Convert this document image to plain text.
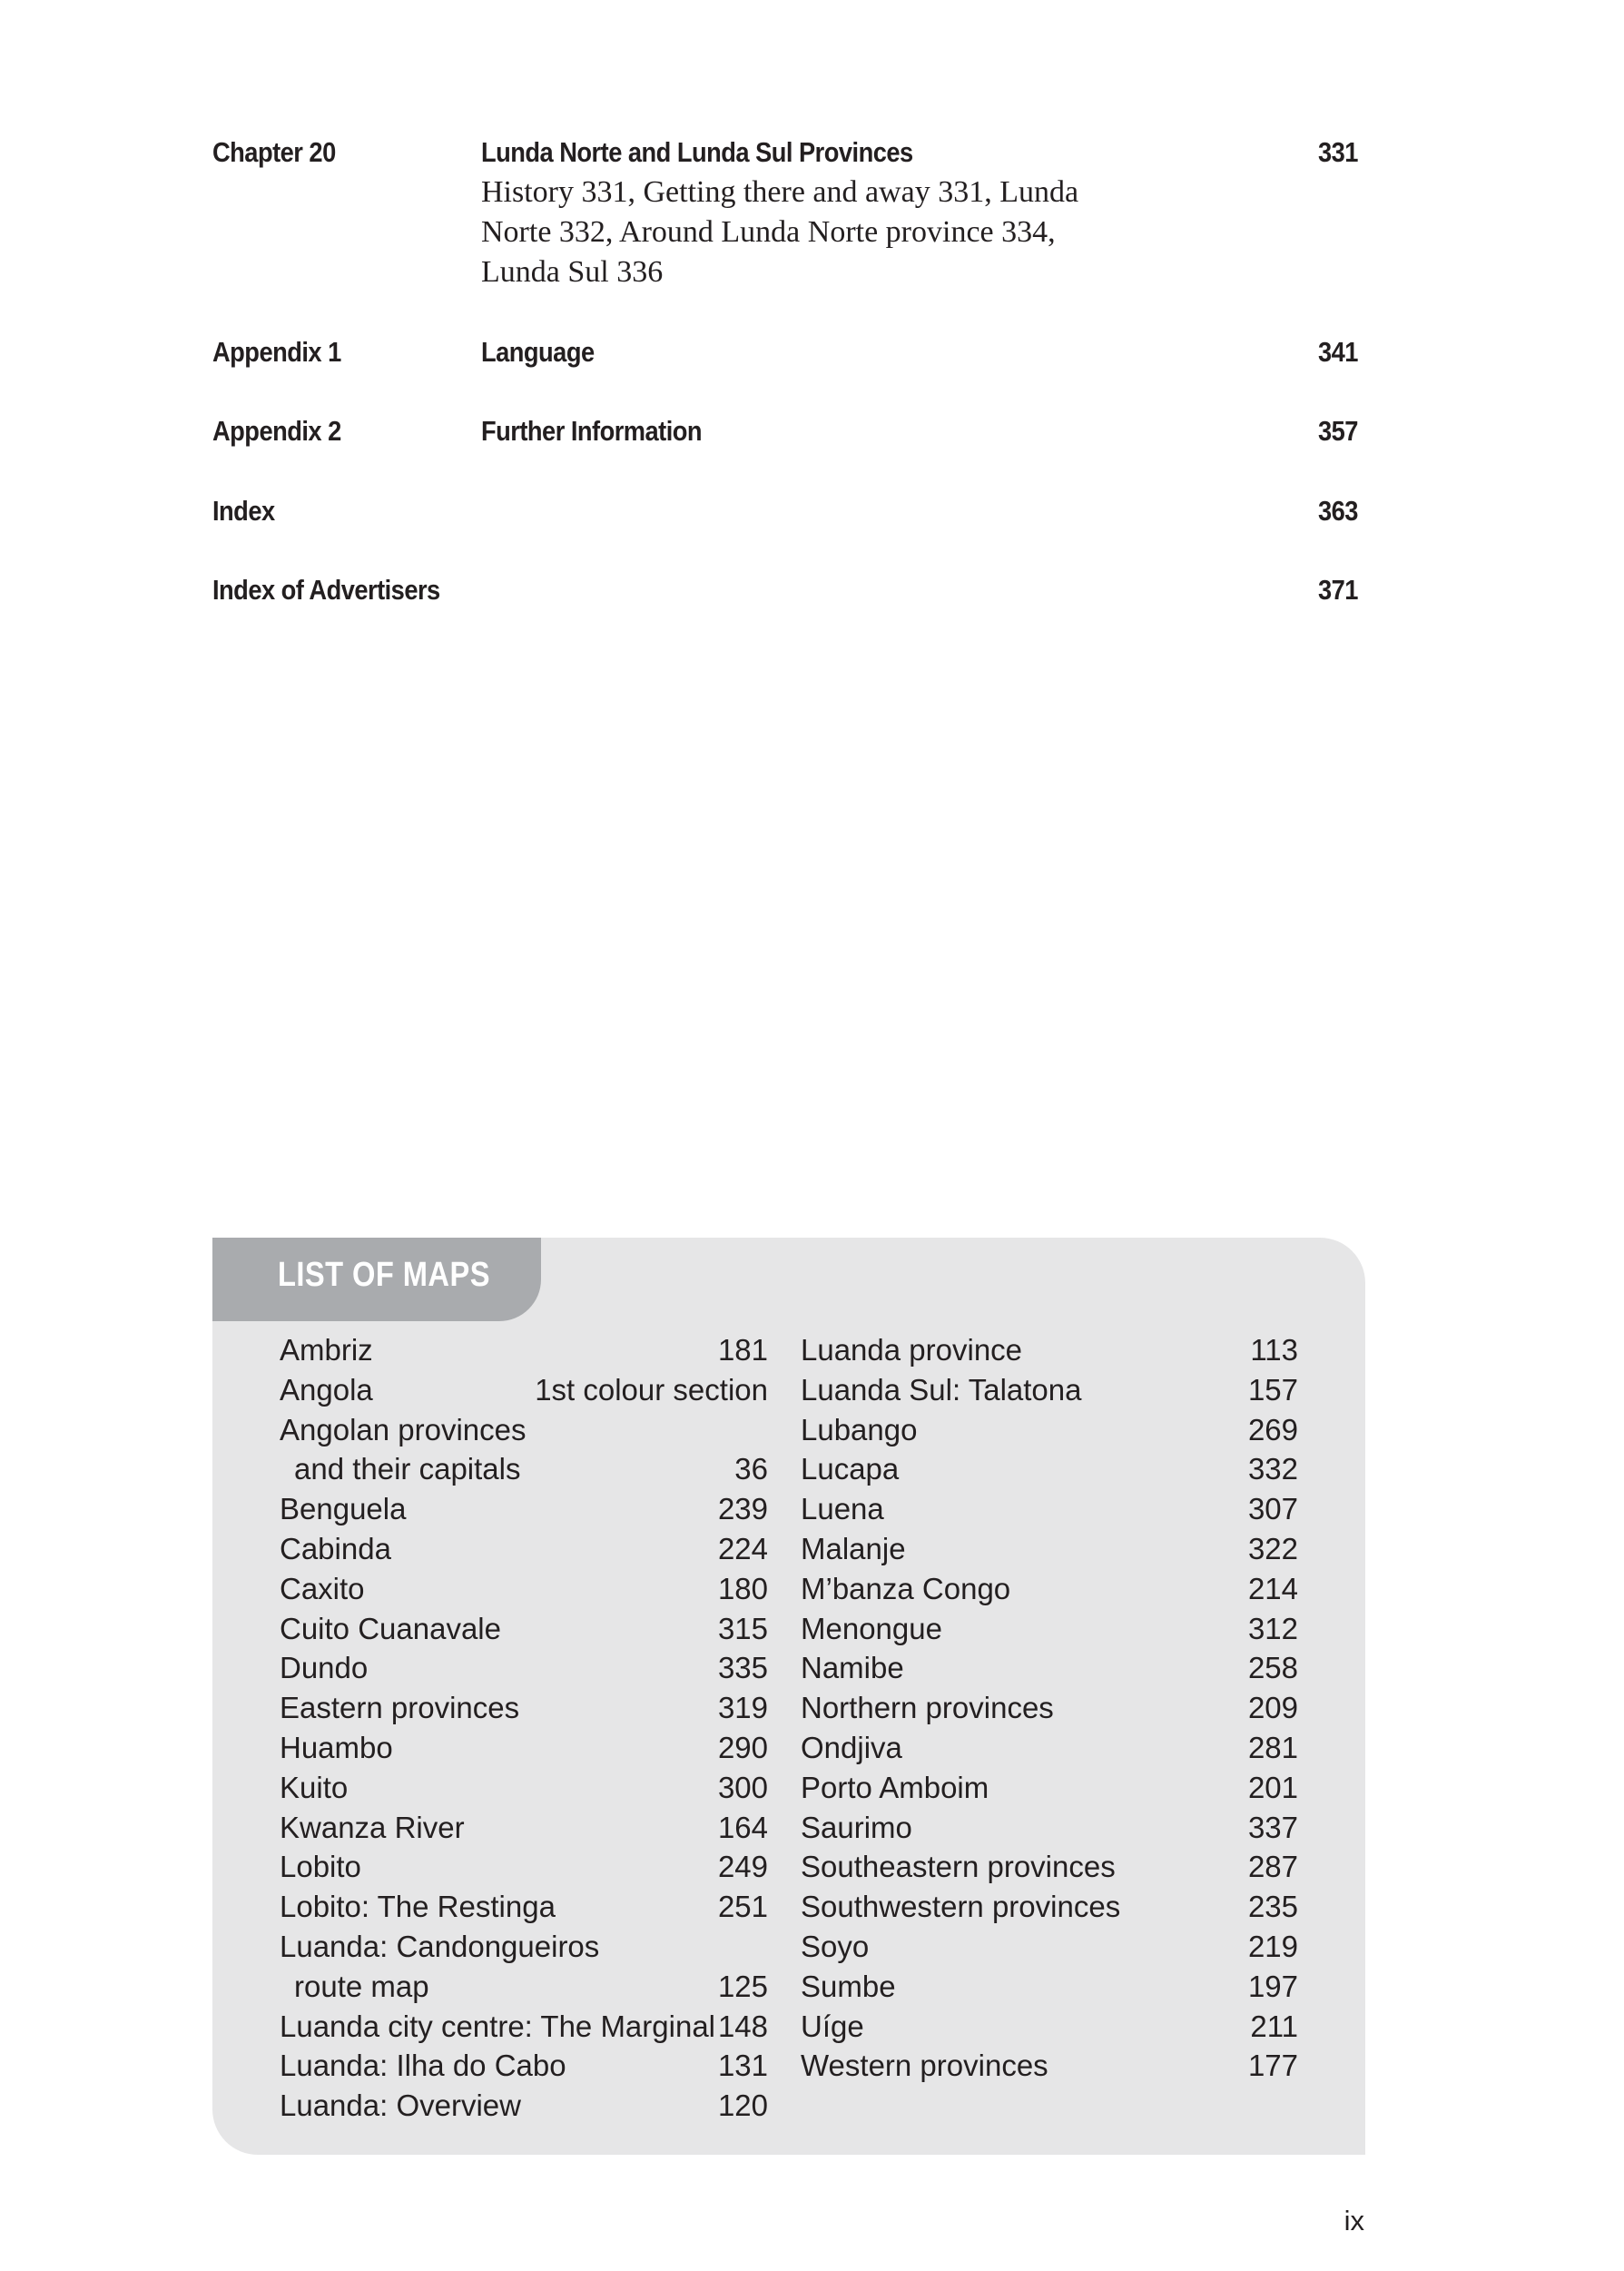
Chapter 20	Lunda Norte and Lunda Sul Provinces	331
History 331, Getting there and away 331, Lunda
Norte 332, Around Lunda Norte province 334,
Lunda Sul 336
Appendix 1	Language	341
Appendix 2	Further Information	357
Index	363
Index of Advertisers	371
LIST OF MAPS
Ambriz	181
Angola	1st colour section
Angolan provinces
and their capitals	36
Benguela	239
Cabinda	224
Caxito	180
Cuito Cuanavale	315
Dundo	335
Eastern provinces	319
Huambo	290
Kuito	300
Kwanza River	164
Lobito	249
Lobito: The Restinga	251
Luanda: Candongueiros
route map	125
Luanda city centre: The Marginal 148
Luanda: Ilha do Cabo	131
Luanda: Overview	120
Luanda province	113
Luanda Sul: Talatona	157
Lubango	269
Lucapa	332
Luena	307
Malanje	322
M’banza Congo	214
Menongue	312
Namibe	258
Northern provinces	209
Ondjiva	281
Porto Amboim	201
Saurimo	337
Southeastern provinces	287
Southwestern provinces	235
Soyo	219
Sumbe	197
Uíge	211
Western provinces	177
ix
